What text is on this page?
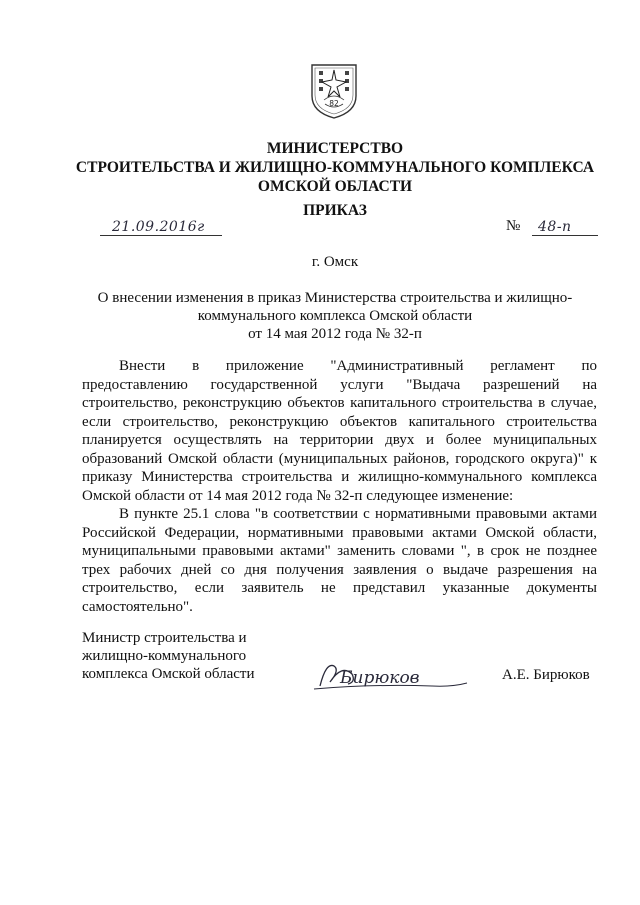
82
МИНИСТЕРСТВО
СТРОИТЕЛЬСТВА И ЖИЛИЩНО-КОММУНАЛЬНОГО КОМПЛЕКСА
ОМСКОЙ ОБЛАСТИ
ПРИКАЗ
21.09.2016г	№ 48-п
г. Омск
О внесении изменения в приказ Министерства строительства и жилищно-
коммунального комплекса Омской области
от 14 мая 2012 года № 32-п
Внести в приложение "Административный регламент по
предоставлению государственной услуги "Выдача разрешений на
строительство, реконструкцию объектов капитального строительства в случае,
если строительство, реконструкцию объектов капитального строительства
планируется осуществлять на территории двух и более муниципальных
образований Омской области (муниципальных районов, городского округа)" к
приказу Министерства строительства и жилищно-коммунального комплекса
Омской области от 14 мая 2012 года № 32-п следующее изменение:
В пункте 25.1 слова "в соответствии с нормативными правовыми актами
Российской Федерации, нормативными правовыми актами Омской области,
муниципальными правовыми актами" заменить словами ", в срок не позднее
трех рабочих дней со дня получения заявления о выдаче разрешения на
строительство, если заявитель не представил указанные документы
самостоятельно".
Министр строительства и
жилищно-коммунального
комплекса Омской области	Бирюков	А.Е. Бирюков
